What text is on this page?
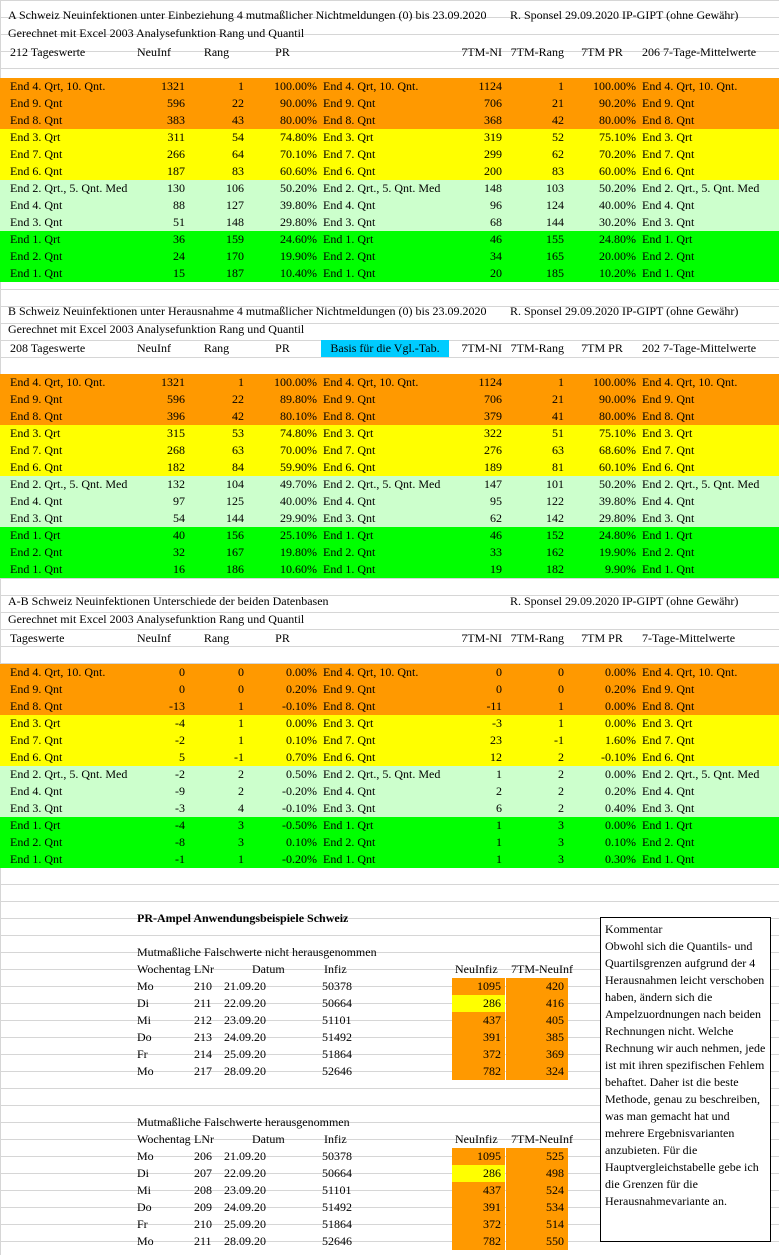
A Schweiz Neuinfektionen unter Einbeziehung 4 mutmaßlicher Nichtmeldungen (0) bis 23.09.2020 R. Sponsel 29.09.2020 IP-GIPT (ohne Gewähr)
Gerechnet mit Excel 2003 Analysefunktion Rang und Quantil
212 Tageswerte	NeuInf	Rang	PR	7TM-NI 7TM-Rang	7TM PR	206 7-Tage-Mittelwerte
End 4. Qrt, 10. Qnt.	1321	1	100.00% End 4. Qrt, 10. Qnt.	1124	1	100.00% End 4. Qrt, 10. Qnt.
End 9. Qnt	596	22	90.00% End 9. Qnt	706	21	90.20% End 9. Qnt
End 8. Qnt	383	43	80.00% End 8. Qnt	368	42	80.00% End 8. Qnt
End 3. Qrt	311	54	74.80% End 3. Qrt	319	52	75.10% End 3. Qrt
End 7. Qnt	266	64	70.10% End 7. Qnt	299	62	70.20% End 7. Qnt
End 6. Qnt	187	83	60.60% End 6. Qnt	200	83	60.00% End 6. Qnt
End 2. Qrt., 5. Qnt. Med	130	106	50.20% End 2. Qrt., 5. Qnt. Med	148	103	50.20% End 2. Qrt., 5. Qnt. Med
End 4. Qnt	88	127	39.80% End 4. Qnt	96	124	40.00% End 4. Qnt
End 3. Qnt	51	148	29.80% End 3. Qnt	68	144	30.20% End 3. Qnt
End 1. Qrt	36	159	24.60% End 1. Qrt	46	155	24.80% End 1. Qrt
End 2. Qnt	24	170	19.90% End 2. Qnt	34	165	20.00% End 2. Qnt
End 1. Qnt	15	187	10.40% End 1. Qnt	20	185	10.20% End 1. Qnt
B Schweiz Neuinfektionen unter Herausnahme 4 mutmaßlicher Nichtmeldungen (0) bis 23.09.2020 R. Sponsel 29.09.2020 IP-GIPT (ohne Gewähr)
Gerechnet mit Excel 2003 Analysefunktion Rang und Quantil
208 Tageswerte	NeuInf	Rang	PR	Basis für die Vgl.-Tab.	7TM-NI 7TM-Rang	7TM PR	202 7-Tage-Mittelwerte
End 4. Qrt, 10. Qnt.	1321	1	100.00% End 4. Qrt, 10. Qnt.	1124	1	100.00% End 4. Qrt, 10. Qnt.
End 9. Qnt	596	22	89.80% End 9. Qnt	706	21	90.00% End 9. Qnt
End 8. Qnt	396	42	80.10% End 8. Qnt	379	41	80.00% End 8. Qnt
End 3. Qrt	315	53	74.80% End 3. Qrt	322	51	75.10% End 3. Qrt
End 7. Qnt	268	63	70.00% End 7. Qnt	276	63	68.60% End 7. Qnt
End 6. Qnt	182	84	59.90% End 6. Qnt	189	81	60.10% End 6. Qnt
End 2. Qrt., 5. Qnt. Med	132	104	49.70% End 2. Qrt., 5. Qnt. Med	147	101	50.20% End 2. Qrt., 5. Qnt. Med
End 4. Qnt	97	125	40.00% End 4. Qnt	95	122	39.80% End 4. Qnt
End 3. Qnt	54	144	29.90% End 3. Qnt	62	142	29.80% End 3. Qnt
End 1. Qrt	40	156	25.10% End 1. Qrt	46	152	24.80% End 1. Qrt
End 2. Qnt	32	167	19.80% End 2. Qnt	33	162	19.90% End 2. Qnt
End 1. Qnt	16	186	10.60% End 1. Qnt	19	182	9.90% End 1. Qnt
A-B Schweiz Neuinfektionen Unterschiede der beiden Datenbasen	R. Sponsel 29.09.2020 IP-GIPT (ohne Gewähr)
Gerechnet mit Excel 2003 Analysefunktion Rang und Quantil
Tageswerte	NeuInf	Rang	PR	7TM-NI 7TM-Rang	7TM PR	7-Tage-Mittelwerte
End 4. Qrt, 10. Qnt.	0	0	0.00% End 4. Qrt, 10. Qnt.	0	0	0.00% End 4. Qrt, 10. Qnt.
End 9. Qnt	0	0	0.20% End 9. Qnt	0	0	0.20% End 9. Qnt
End 8. Qnt	-13	1	-0.10% End 8. Qnt	-11	1	0.00% End 8. Qnt
End 3. Qrt	-4	1	0.00% End 3. Qrt	-3	1	0.00% End 3. Qrt
End 7. Qnt	-2	1	0.10% End 7. Qnt	23	-1	1.60% End 7. Qnt
End 6. Qnt	5	-1	0.70% End 6. Qnt	12	2	-0.10% End 6. Qnt
End 2. Qrt., 5. Qnt. Med	-2	2	0.50% End 2. Qrt., 5. Qnt. Med	1	2	0.00% End 2. Qrt., 5. Qnt. Med
End 4. Qnt	-9	2	-0.20% End 4. Qnt	2	2	0.20% End 4. Qnt
End 3. Qnt	-3	4	-0.10% End 3. Qnt	6	2	0.40% End 3. Qnt
End 1. Qrt	-4	3	-0.50% End 1. Qrt	1	3	0.00% End 1. Qrt
End 2. Qnt	-8	3	0.10% End 2. Qnt	1	3	0.10% End 2. Qnt
End 1. Qnt	-1	1	-0.20% End 1. Qnt	1	3	0.30% End 1. Qnt
PR-Ampel Anwendungsbeispiele Schweiz
Mutmaßliche Falschwerte nicht herausgenommen
Wochentag LNr	Datum	Infiz	NeuInfiz 7TM-NeuInf
Mo	210	21.09.20	50378	1095	420
Di	211	22.09.20	50664	286	416
Mi	212	23.09.20	51101	437	405
Do	213	24.09.20	51492	391	385
Fr	214	25.09.20	51864	372	369
Mo	217	28.09.20	52646	782	324
Mutmaßliche Falschwerte herausgenommen
Wochentag LNr	Datum	Infiz	NeuInfiz 7TM-NeuInf
Mo	206	21.09.20	50378	1095	525
Di	207	22.09.20	50664	286	498
Mi	208	23.09.20	51101	437	524
Do	209	24.09.20	51492	391	534
Fr	210	25.09.20	51864	372	514
Mo	211	28.09.20	52646	782	550
Kommentar
Obwohl sich die Quantils- und Quartilsgrenzen aufgrund der 4 Herausnahmen leicht verschoben haben, ändern sich die Ampelzuordnungen nach beiden Rechnungen nicht. Welche Rechnung wir auch nehmen, jede ist mit ihren spezifischen Fehlem behaftet. Daher ist die beste Methode, genau zu beschreiben, was man gemacht hat und mehrere Ergebnisvarianten anzubieten. Für die Hauptvergleichstabelle gebe ich die Grenzen für die Herausnahmevariante an.
